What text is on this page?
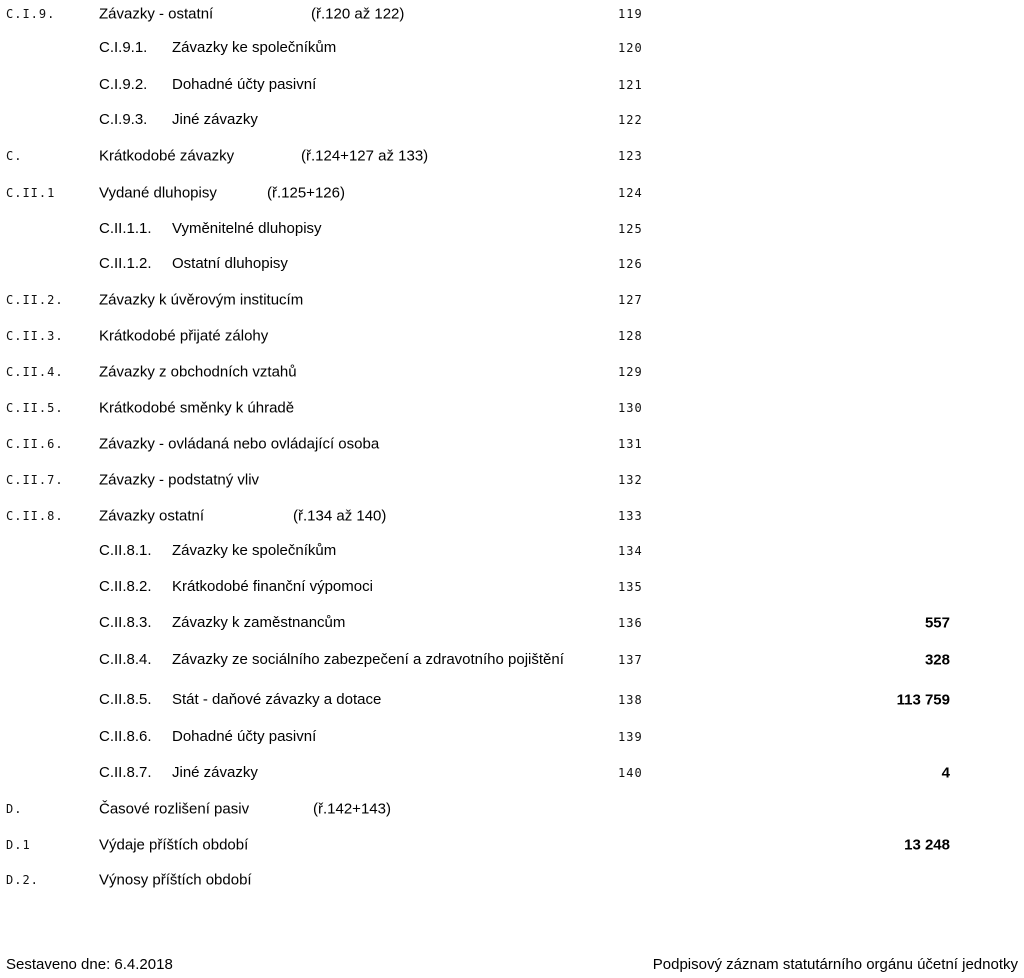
C.I.9.	Závazky - ostatní	(ř.120 až 122)	119
C.I.9.1. Závazky ke společníkům	120
C.I.9.2. Dohadné účty pasivní	121
C.I.9.3. Jiné závazky	122
C.	Krátkodobé závazky	(ř.124+127 až 133)	123
C.II.1	Vydané dluhopisy	(ř.125+126)	124
C.II.1.1. Vyměnitelné dluhopisy	125
C.II.1.2. Ostatní dluhopisy	126
C.II.2. Závazky k úvěrovým institucím	127
C.II.3. Krátkodobé přijaté zálohy	128
C.II.4. Závazky z obchodních vztahů	129
C.II.5. Krátkodobé směnky k úhradě	130
C.II.6. Závazky - ovládaná nebo ovládající osoba	131
C.II.7. Závazky - podstatný vliv	132
C.II.8. Závazky ostatní	(ř.134 až 140)	133
C.II.8.1. Závazky ke společníkům	134
C.II.8.2. Krátkodobé finanční výpomoci	135
C.II.8.3. Závazky k zaměstnancům	136	557
C.II.8.4. Závazky ze sociálního zabezpečení a zdravotního pojištění	137	328
C.II.8.5. Stát - daňové závazky a dotace	138	113 759
C.II.8.6. Dohadné účty pasivní	139
C.II.8.7. Jiné závazky	140	4
D.	Časové rozlišení pasiv	(ř.142+143)
D.1	Výdaje příštích období	13 248
D.2.	Výnosy příštích období
Sestaveno dne: 6.4.2018	Podpisový záznam statutárního orgánu účetní jednotky
